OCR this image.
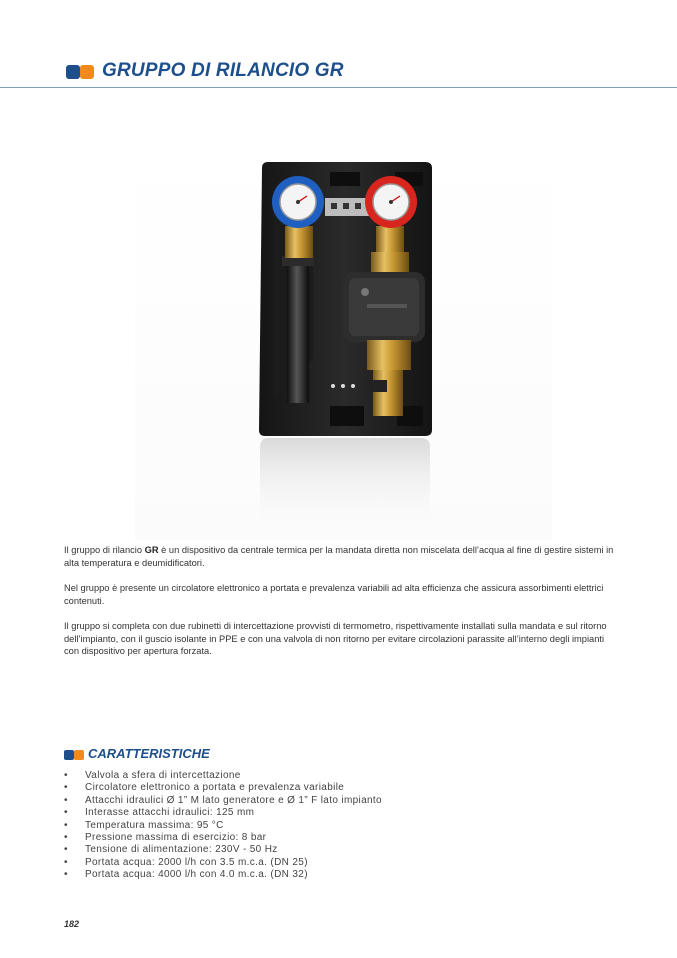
GRUPPO DI RILANCIO GR

Il gruppo di rilancio GR è un dispositivo da centrale termica per la mandata diretta non miscelata dell’acqua al fine di gestire sistemi in alta temperatura e deumidificatori.

Nel gruppo è presente un circolatore elettronico a portata e prevalenza variabili ad alta efficienza che assicura assorbimenti elettrici contenuti.

Il gruppo si completa con due rubinetti di intercettazione provvisti di termometro, rispettivamente installati sulla mandata e sul ritorno dell’impianto, con il guscio isolante in PPE e con una valvola di non ritorno per evitare circolazioni parassite all’interno degli impianti con dispositivo per apertura forzata.

CARATTERISTICHE
• Valvola a sfera di intercettazione
• Circolatore elettronico a portata e prevalenza variabile
• Attacchi idraulici Ø 1” M lato generatore e Ø 1” F lato impianto
• Interasse attacchi idraulici: 125 mm
• Temperatura massima: 95 °C
• Pressione massima di esercizio: 8 bar
• Tensione di alimentazione: 230V - 50 Hz
• Portata acqua: 2000 l/h con 3.5 m.c.a. (DN 25)
• Portata acqua: 4000 l/h con 4.0 m.c.a. (DN 32)
182
